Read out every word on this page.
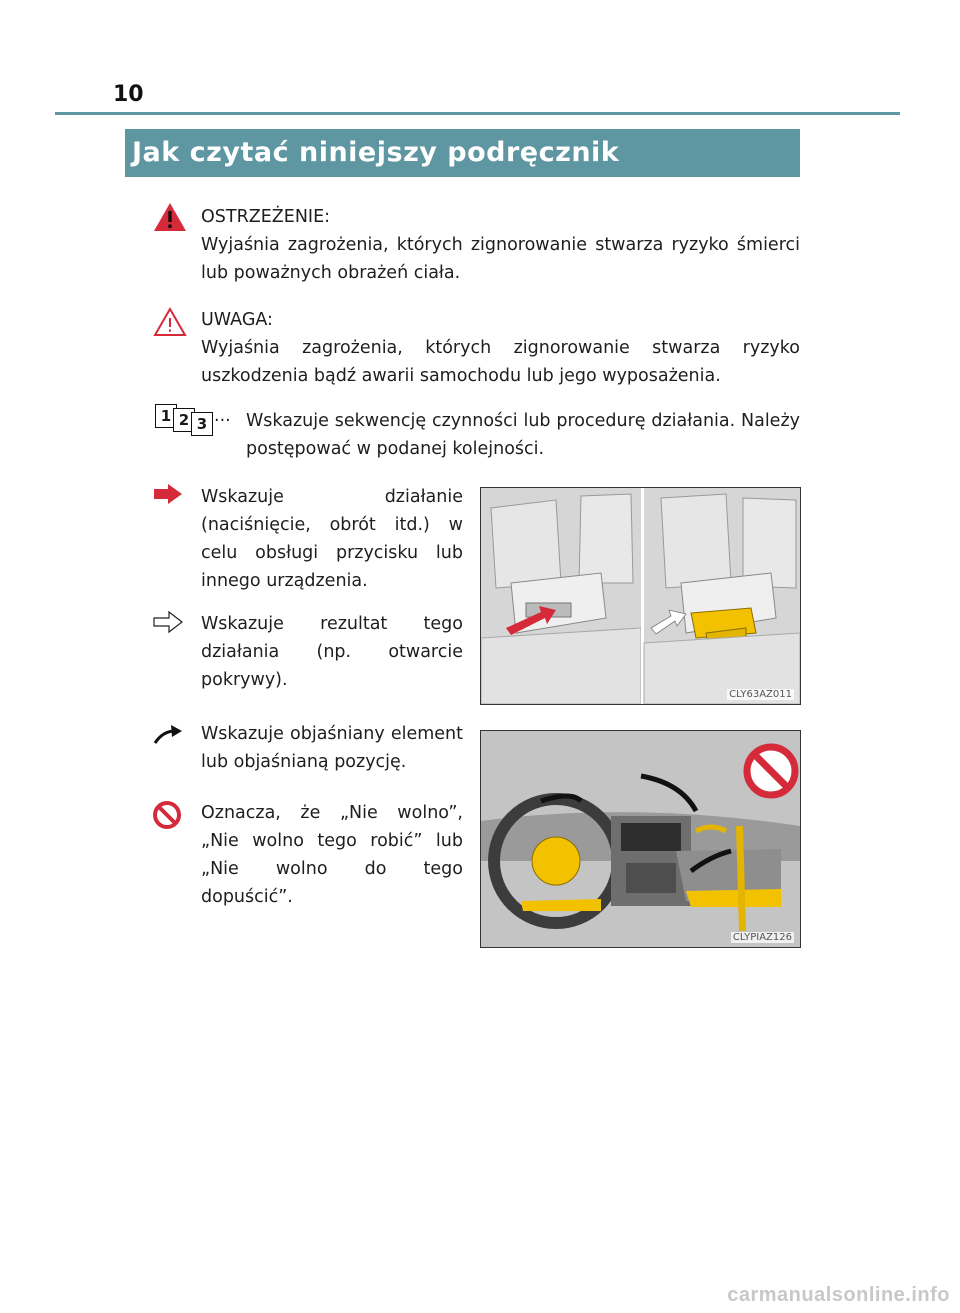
10
Jak czytać niniejszy podręcznik
OSTRZEŻENIE:
Wyjaśnia zagrożenia, których zignorowanie stwarza ryzyko śmierci lub poważnych obrażeń ciała.
UWAGA:
Wyjaśnia zagrożenia, których zignorowanie stwarza ryzyko uszkodzenia bądź awarii samochodu lub jego wyposażenia.
1 2 3 ··· Wskazuje sekwencję czynności lub procedurę działania. Należy postępować w podanej kolejności.
Wskazuje działanie (naciśnięcie, obrót itd.) w celu obsługi przycisku lub innego urządzenia.
Wskazuje rezultat tego działania (np. otwarcie pokrywy).
CLY63AZ011
Wskazuje objaśniany element lub objaśnianą pozycję.
Oznacza, że „Nie wolno”, „Nie wolno tego robić” lub „Nie wolno do tego dopuścić”.
CLYPIAZ126
carmanualsonline.info
